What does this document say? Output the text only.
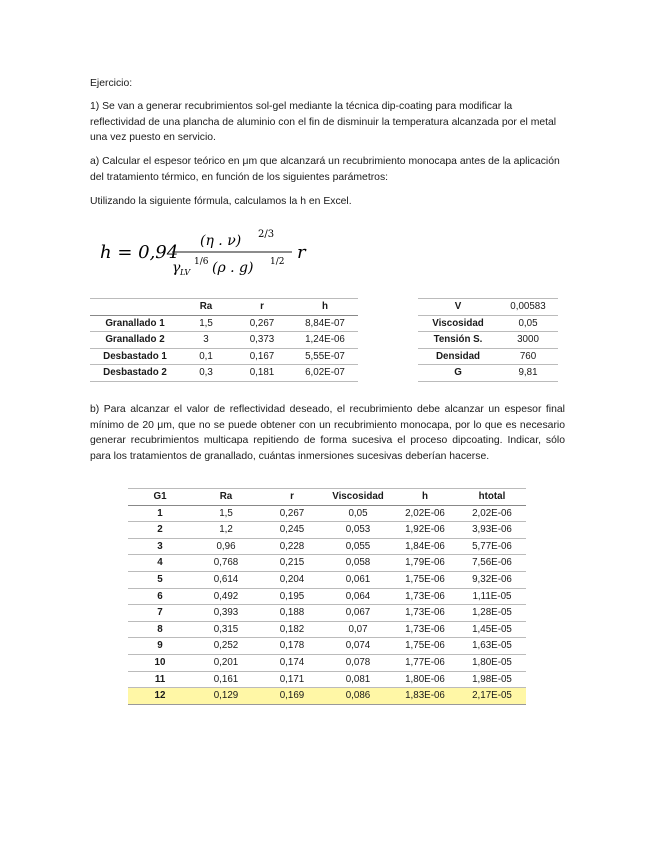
Ejercicio:
1) Se van a generar recubrimientos sol-gel mediante la técnica dip-coating para modificar la reflectividad de una plancha de aluminio con el fin de disminuir la temperatura alcanzada por el metal una vez puesto en servicio.
a) Calcular el espesor teórico en μm que alcanzará un recubrimiento monocapa antes de la aplicación del tratamiento térmico, en función de los siguientes parámetros:
Utilizando la siguiente fórmula, calculamos la h en Excel.
h = 0,94
(η . ν) 2/3
γ LV
1/6 (ρ . g) 1/2 r
	Ra	r	h
Granallado 1	1,5	0,267	8,84E-07
Granallado 2	3	0,373	1,24E-06
Desbastado 1	0,1	0,167	5,55E-07
Desbastado 2	0,3	0,181	6,02E-07
V	0,00583
Viscosidad	0,05
Tensión S.	3000
Densidad	760
G	9,81
b) Para alcanzar el valor de reflectividad deseado, el recubrimiento debe alcanzar un espesor final mínimo de 20 μm, que no se puede obtener con un recubrimiento monocapa, por lo que es necesario generar recubrimientos multicapa repitiendo de forma sucesiva el proceso dipcoating. Indicar, sólo para los tratamientos de granallado, cuántas inmersiones sucesivas deberían hacerse.
G1	Ra	r	Viscosidad	h	htotal
1	1,5	0,267	0,05	2,02E-06	2,02E-06
2	1,2	0,245	0,053	1,92E-06	3,93E-06
3	0,96	0,228	0,055	1,84E-06	5,77E-06
4	0,768	0,215	0,058	1,79E-06	7,56E-06
5	0,614	0,204	0,061	1,75E-06	9,32E-06
6	0,492	0,195	0,064	1,73E-06	1,11E-05
7	0,393	0,188	0,067	1,73E-06	1,28E-05
8	0,315	0,182	0,07	1,73E-06	1,45E-05
9	0,252	0,178	0,074	1,75E-06	1,63E-05
10	0,201	0,174	0,078	1,77E-06	1,80E-05
11	0,161	0,171	0,081	1,80E-06	1,98E-05
12	0,129	0,169	0,086	1,83E-06	2,17E-05
